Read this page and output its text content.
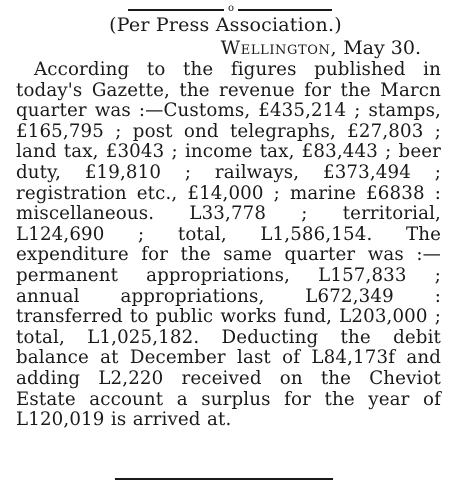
o
(Per Press Association.)
Wellington, May 30.
According to the figures published in today's Gazette, the revenue for the Marcn quarter was :—Customs, £435,214 ; stamps, £165,795 ; post ond telegraphs, £27,803 ; land tax, £3043 ; income tax, £83,443 ; beer duty, £19,810 ; railways, £373,494 ; registration etc., £14,000 ; marine £6838 : miscellaneous. L33,778 ; territorial, L124,690 ; total, L1,586,154. The expenditure for the same quarter was :— permanent appropriations, L157,833 ; annual appropriations, L672,349 : transferred to public works fund, L203,000 ; total, L1,025,182. Deducting the debit balance at December last of L84,173f and adding L2,220 received on the Cheviot Estate account a surplus for the year of L120,019 is arrived at.
